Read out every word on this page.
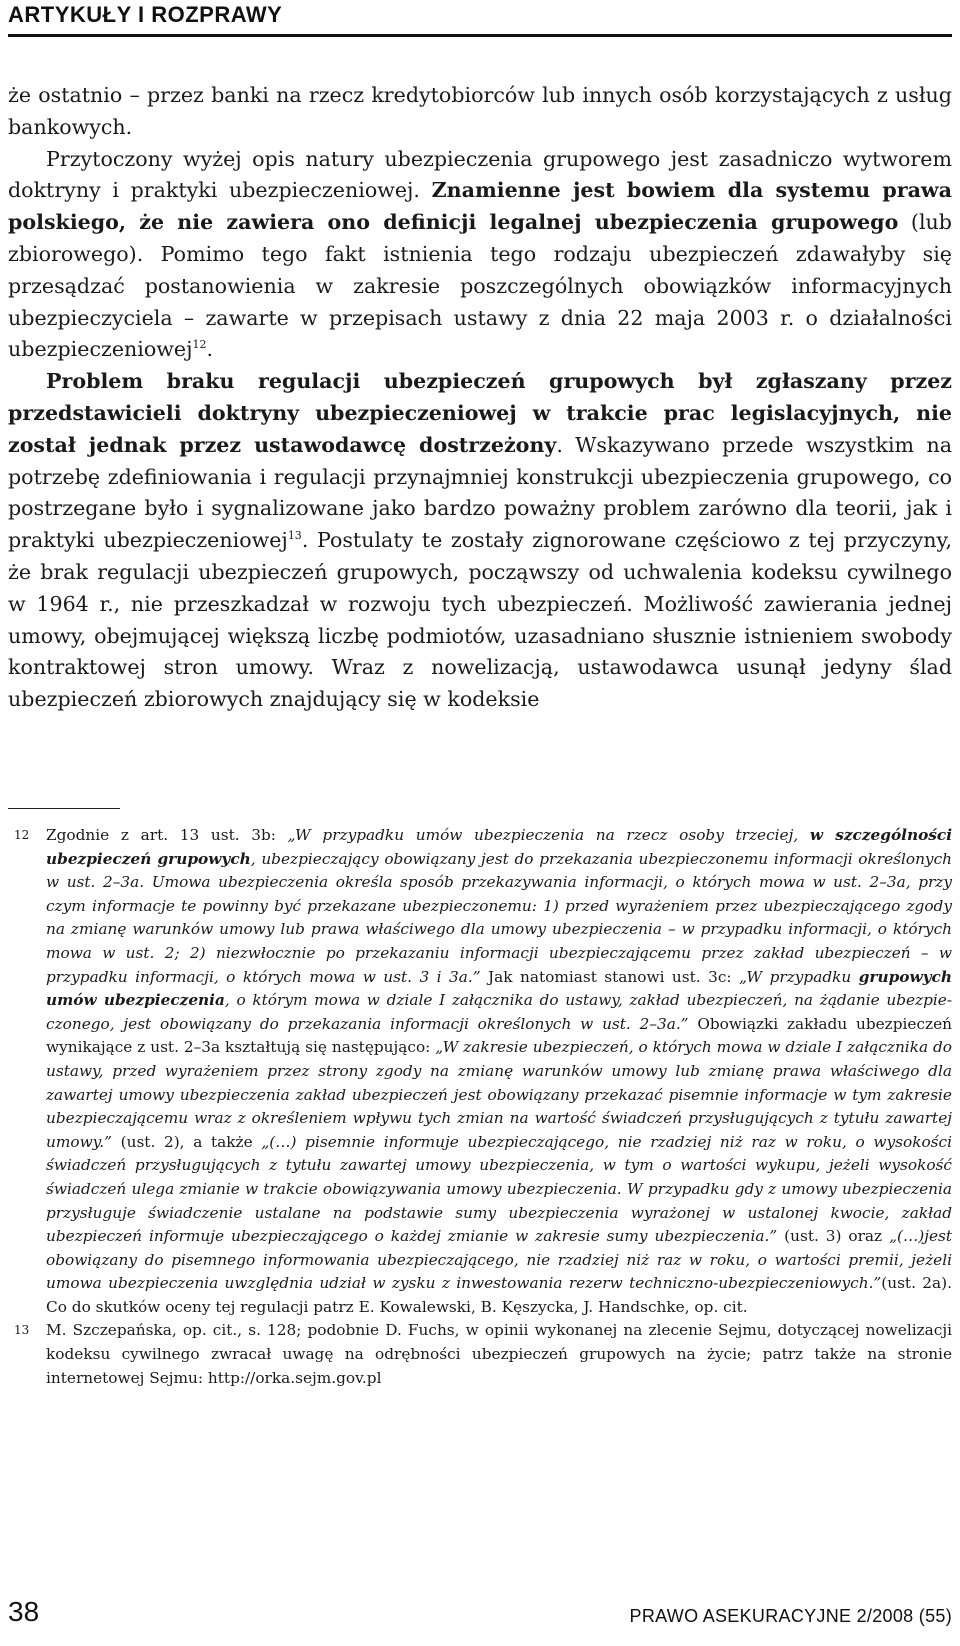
ARTYKUŁY I ROZPRAWY

że ostatnio – przez banki na rzecz kredytobiorców lub innych osób korzystających z usług bankowych.

Przytoczony wyżej opis natury ubezpieczenia grupowego jest zasadniczo wytworem doktryny i praktyki ubezpieczeniowej. Znamienne jest bowiem dla systemu prawa polskiego, że nie zawiera ono definicji legalnej ubezpieczenia grupowego (lub zbiorowego). Pomimo tego fakt istnienia tego rodzaju ubezpieczeń zdawałyby się przesądzać postanowienia w zakresie poszczególnych obowiązków informacyjnych ubezpieczyciela – zawarte w przepisach ustawy z dnia 22 maja 2003 r. o działalności ubezpieczeniowej$^{12}$.

Problem braku regulacji ubezpieczeń grupowych był zgłaszany przez przedstawicieli doktryny ubezpieczeniowej w trakcie prac legislacyjnych, nie został jednak przez ustawodawcę dostrzeżony. Wskazywano przede wszystkim na potrzebę zdefiniowania i regulacji przynajmniej konstrukcji ubezpieczenia grupowego, co postrzegane było i sygnalizowane jako bardzo poważny problem zarówno dla teorii, jak i praktyki ubezpieczeniowej$^{13}$. Postulaty te zostały zignorowane częściowo z tej przyczyny, że brak regulacji ubezpieczeń grupowych, począwszy od uchwalenia kodeksu cywilnego w 1964 r., nie przeszkadzał w rozwoju tych ubezpieczeń. Możliwość zawierania jednej umowy, obejmującej większą liczbę podmiotów, uzasadniano słusznie istnieniem swobody kontraktowej stron umowy. Wraz z nowelizacją, ustawodawca usunął jedyny ślad ubezpieczeń zbiorowych znajdujący się w kodeksie

12 Zgodnie z art. 13 ust. 3b: „W przypadku umów ubezpieczenia na rzecz osoby trzeciej, w szczególności ubezpieczeń grupowych, ubezpieczający obowiązany jest do przekazania ubezpieczonemu informacji określonych w ust. 2–3a. Umowa ubezpieczenia określa sposób przekazywania informacji, o których mowa w ust. 2–3a, przy czym informacje te powinny być przekazane ubezpieczonemu: 1) przed wyrażeniem przez ubezpieczającego zgody na zmianę warunków umowy lub prawa właściwego dla umowy ubezpieczenia – w przypadku informacji, o których mowa w ust. 2; 2) niezwłocznie po przekazaniu informacji ubezpieczającemu przez zakład ubezpieczeń – w przypadku informacji, o których mowa w ust. 3 i 3a.” Jak natomiast stanowi ust. 3c: „W przypadku grupowych umów ubezpieczenia, o którym mowa w dziale I załącznika do ustawy, zakład ubezpieczeń, na żądanie ubezpieczonego, jest obowiązany do przekazania informacji określonych w ust. 2–3a.” Obowiązki zakładu ubezpieczeń wynikające z ust. 2–3a kształtują się następująco: „W zakresie ubezpieczeń, o których mowa w dziale I załącznika do ustawy, przed wyrażeniem przez strony zgody na zmianę warunków umowy lub zmianę prawa właściwego dla zawartej umowy ubezpieczenia zakład ubezpieczeń jest obowiązany przekazać pisemnie informacje w tym zakresie ubezpieczającemu wraz z określeniem wpływu tych zmian na wartość świadczeń przysługujących z tytułu zawartej umowy.” (ust. 2), a także „(…) pisemnie informuje ubezpieczającego, nie rzadziej niż raz w roku, o wysokości świadczeń przysługujących z tytułu zawartej umowy ubezpieczenia, w tym o wartości wykupu, jeżeli wysokość świadczeń ulega zmianie w trakcie obowiązywania umowy ubezpieczenia. W przypadku gdy z umowy ubezpieczenia przysługuje świadczenie ustalane na podstawie sumy ubezpieczenia wyrażonej w ustalonej kwocie, zakład ubezpieczeń informuje ubezpieczającego o każdej zmianie w zakresie sumy ubezpieczenia.” (ust. 3) oraz „(…)jest obowiązany do pisemnego informowania ubezpieczającego, nie rzadziej niż raz w roku, o wartości premii, jeżeli umowa ubezpieczenia uwzględnia udział w zysku z inwestowania rezerw techniczno-ubezpieczeniowych.”(ust. 2a). Co do skutków oceny tej regulacji patrz E. Kowalewski, B. Kęszycka, J. Handschke, op. cit.

13 M. Szczepańska, op. cit., s. 128; podobnie D. Fuchs, w opinii wykonanej na zlecenie Sejmu, dotyczącej nowelizacji kodeksu cywilnego zwracał uwagę na odrębności ubezpieczeń grupowych na życie; patrz także na stronie internetowej Sejmu: http://orka.sejm.gov.pl

38	PRAWO ASEKURACYJNE 2/2008 (55)
